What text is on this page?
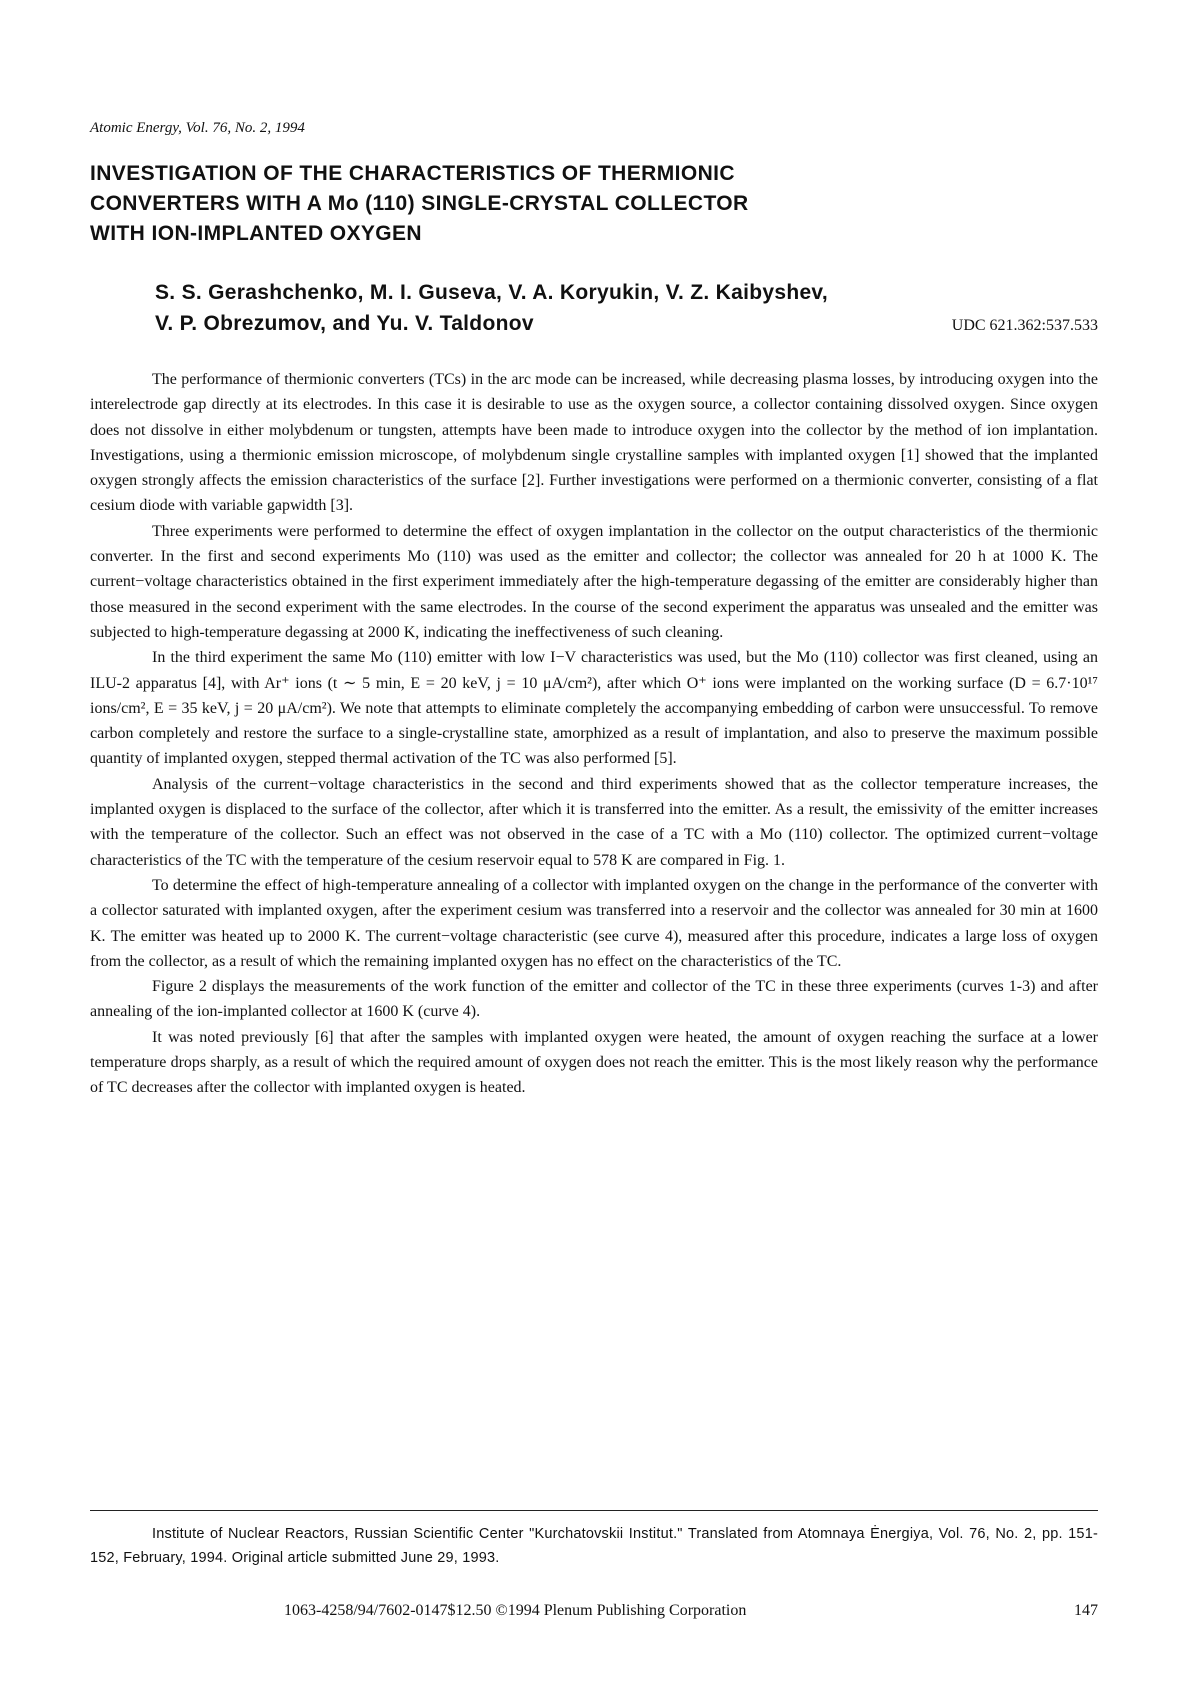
Atomic Energy, Vol. 76, No. 2, 1994

INVESTIGATION OF THE CHARACTERISTICS OF THERMIONIC
CONVERTERS WITH A Mo (110) SINGLE-CRYSTAL COLLECTOR
WITH ION-IMPLANTED OXYGEN
S. S. Gerashchenko, M. I. Guseva, V. A. Koryukin, V. Z. Kaibyshev,
V. P. Obrezumov, and Yu. V. Taldonov	UDC 621.362:537.533

The performance of thermionic converters (TCs) in the arc mode can be increased, while decreasing plasma losses, by introducing oxygen into the interelectrode gap directly at its electrodes. In this case it is desirable to use as the oxygen source, a collector containing dissolved oxygen. Since oxygen does not dissolve in either molybdenum or tungsten, attempts have been made to introduce oxygen into the collector by the method of ion implantation. Investigations, using a thermionic emission microscope, of molybdenum single crystalline samples with implanted oxygen [1] showed that the implanted oxygen strongly affects the emission characteristics of the surface [2]. Further investigations were performed on a thermionic converter, consisting of a flat cesium diode with variable gapwidth [3].

Three experiments were performed to determine the effect of oxygen implantation in the collector on the output characteristics of the thermionic converter. In the first and second experiments Mo (110) was used as the emitter and collector; the collector was annealed for 20 h at 1000 K. The current−voltage characteristics obtained in the first experiment immediately after the high-temperature degassing of the emitter are considerably higher than those measured in the second experiment with the same electrodes. In the course of the second experiment the apparatus was unsealed and the emitter was subjected to high-temperature degassing at 2000 K, indicating the ineffectiveness of such cleaning.

In the third experiment the same Mo (110) emitter with low I−V characteristics was used, but the Mo (110) collector was first cleaned, using an ILU-2 apparatus [4], with Ar⁺ ions (t ∼ 5 min, E = 20 keV, j = 10 μA/cm²), after which O⁺ ions were implanted on the working surface (D = 6.7·10¹⁷ ions/cm², E = 35 keV, j = 20 μA/cm²). We note that attempts to eliminate completely the accompanying embedding of carbon were unsuccessful. To remove carbon completely and restore the surface to a single-crystalline state, amorphized as a result of implantation, and also to preserve the maximum possible quantity of implanted oxygen, stepped thermal activation of the TC was also performed [5].

Analysis of the current−voltage characteristics in the second and third experiments showed that as the collector temperature increases, the implanted oxygen is displaced to the surface of the collector, after which it is transferred into the emitter. As a result, the emissivity of the emitter increases with the temperature of the collector. Such an effect was not observed in the case of a TC with a Mo (110) collector. The optimized current−voltage characteristics of the TC with the temperature of the cesium reservoir equal to 578 K are compared in Fig. 1.

To determine the effect of high-temperature annealing of a collector with implanted oxygen on the change in the performance of the converter with a collector saturated with implanted oxygen, after the experiment cesium was transferred into a reservoir and the collector was annealed for 30 min at 1600 K. The emitter was heated up to 2000 K. The current−voltage characteristic (see curve 4), measured after this procedure, indicates a large loss of oxygen from the collector, as a result of which the remaining implanted oxygen has no effect on the characteristics of the TC.

Figure 2 displays the measurements of the work function of the emitter and collector of the TC in these three experiments (curves 1-3) and after annealing of the ion-implanted collector at 1600 K (curve 4).

It was noted previously [6] that after the samples with implanted oxygen were heated, the amount of oxygen reaching the surface at a lower temperature drops sharply, as a result of which the required amount of oxygen does not reach the emitter. This is the most likely reason why the performance of TC decreases after the collector with implanted oxygen is heated.

Institute of Nuclear Reactors, Russian Scientific Center "Kurchatovskii Institut." Translated from Atomnaya Ėnergiya, Vol. 76, No. 2, pp. 151-152, February, 1994. Original article submitted June 29, 1993.
1063-4258/94/7602-0147$12.50 ©1994 Plenum Publishing Corporation	147
